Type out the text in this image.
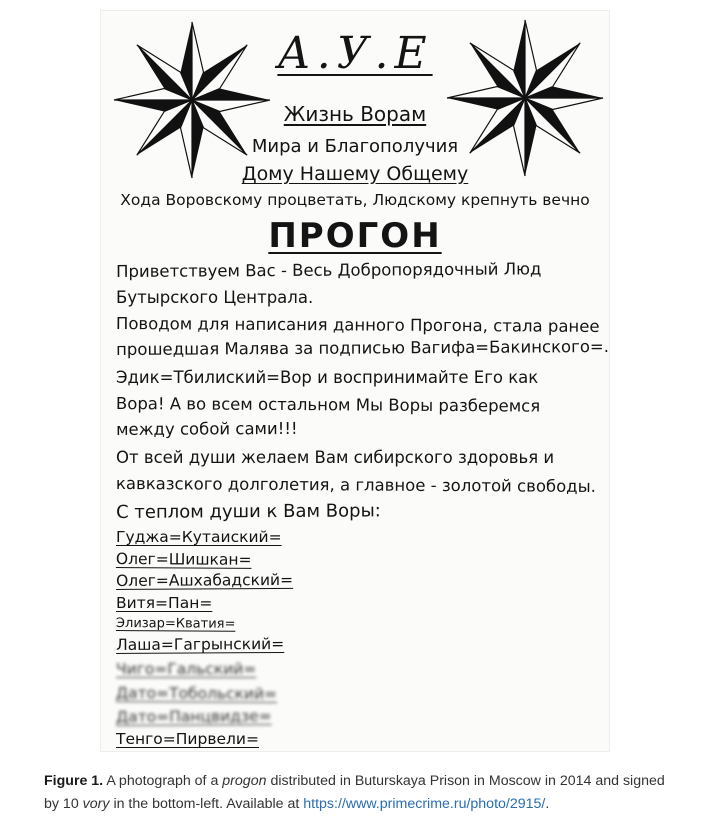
А.У.Е
Жизнь Ворам
Мира и Благополучия
Дому Нашему Общему
Хода Воровскому процветать, Людскому крепнуть вечно
ПРОГОН
Приветствуем Вас - Весь Добропорядочный Люд
Бутырского Централа.
Поводом для написания данного Прогона, стала ранее
прошедшая Малява за подписью Вагифа=Бакинского=.
Эдик=Тбилиский=Вор и воспринимайте Его как
Вора! А во всем остальном Мы Воры разберемся
между собой сами!!!
От всей души желаем Вам сибирского здоровья и
кавказского долголетия, а главное - золотой свободы.
С теплом души к Вам Воры:
Гуджа=Кутаиский=
Олег=Шишкан=
Олег=Ашхабадский=
Витя=Пан=
Элизар=Кватия=
Лаша=Гагрынский=
Чиго=Гальский=
Дато=Тобольский=
Дато=Панцвидзе=
Тенго=Пирвели=
Figure 1. A photograph of a progon distributed in Buturskaya Prison in Moscow in 2014 and signed by 10 vory in the bottom-left. Available at https://www.primecrime.ru/photo/2915/.
